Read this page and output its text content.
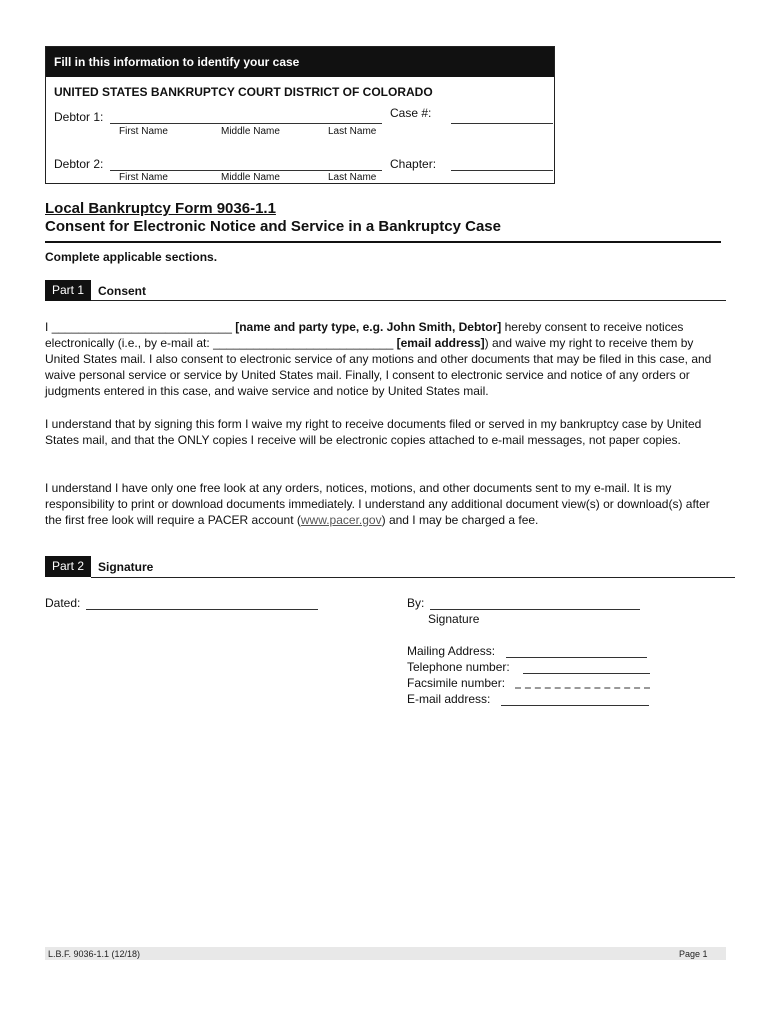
Fill in this information to identify your case
UNITED STATES BANKRUPTCY COURT DISTRICT OF COLORADO
Debtor 1:
First Name	Middle Name	Last Name
Case #:
Debtor 2:
First Name	Middle Name	Last Name
Chapter:
Local Bankruptcy Form 9036-1.1
Consent for Electronic Notice and Service in a Bankruptcy Case
Complete applicable sections.
Part 1	Consent
I ___________________________ [name and party type, e.g. John Smith, Debtor] hereby consent to receive notices electronically (i.e., by e-mail at: ___________________________ [email address]) and waive my right to receive them by United States mail. I also consent to electronic service of any motions and other documents that may be filed in this case, and waive personal service or service by United States mail. Finally, I consent to electronic service and notice of any orders or judgments entered in this case, and waive service and notice by United States mail.
I understand that by signing this form I waive my right to receive documents filed or served in my bankruptcy case by United States mail, and that the ONLY copies I receive will be electronic copies attached to e-mail messages, not paper copies.
I understand I have only one free look at any orders, notices, motions, and other documents sent to my e-mail. It is my responsibility to print or download documents immediately. I understand any additional document view(s) or download(s) after the first free look will require a PACER account (www.pacer.gov) and I may be charged a fee.
Part 2	Signature
Dated:	By:
Signature
Mailing Address:
Telephone number:
Facsimile number:
E-mail address:
L.B.F. 9036-1.1 (12/18)	Page 1
